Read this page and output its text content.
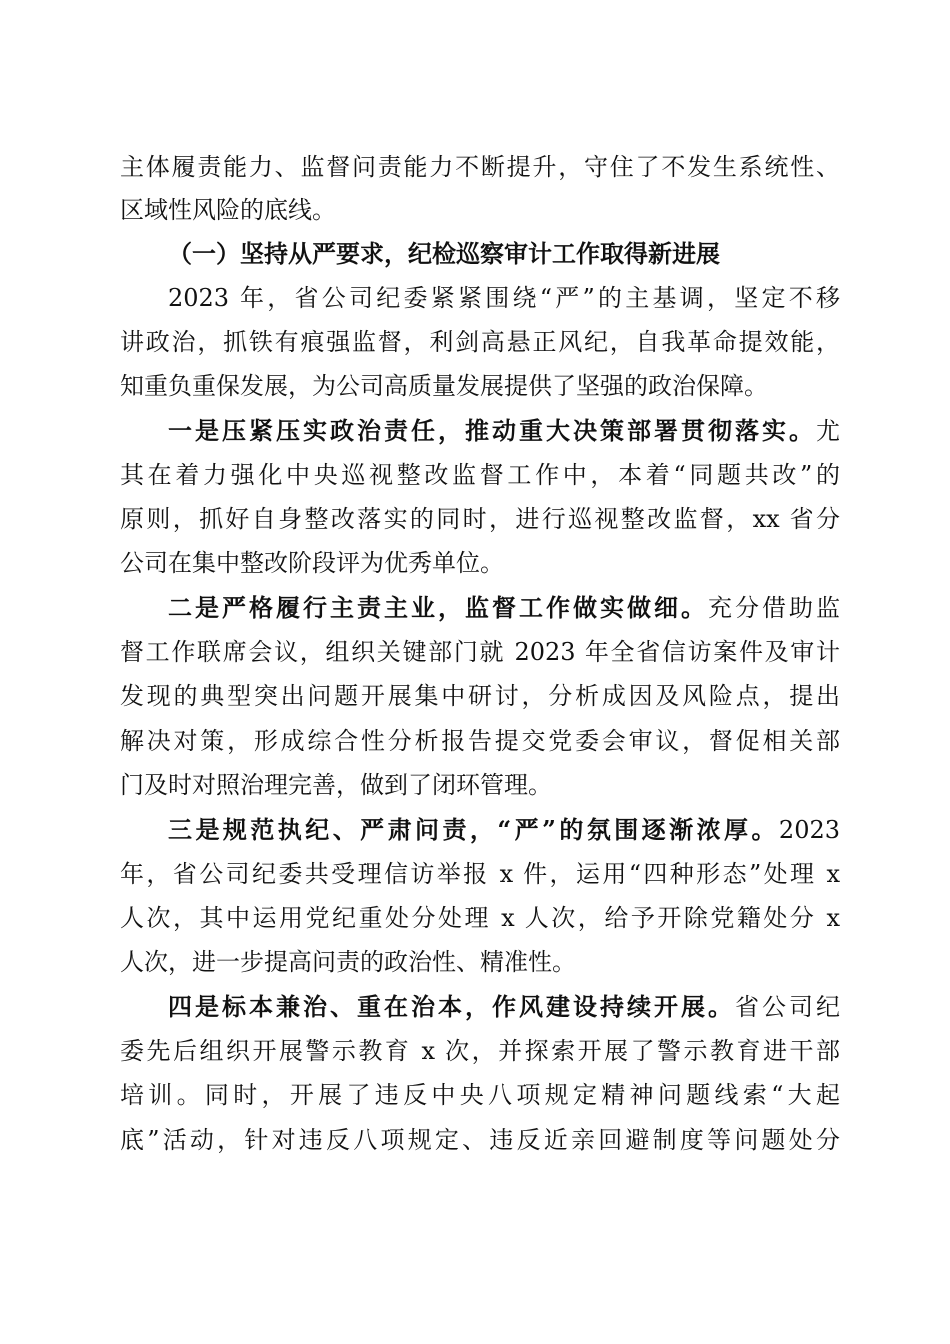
主体履责能力、监督问责能力不断提升，守住了不发生系统性、
区域性风险的底线。
（一）坚持从严要求，纪检巡察审计工作取得新进展
2023 年，省公司纪委紧紧围绕“严”的主基调，坚定不移
讲政治，抓铁有痕强监督，利剑高悬正风纪，自我革命提效能，
知重负重保发展，为公司高质量发展提供了坚强的政治保障。
一是压紧压实政治责任，推动重大决策部署贯彻落实。尤
其在着力强化中央巡视整改监督工作中，本着“同题共改”的
原则，抓好自身整改落实的同时，进行巡视整改监督，xx 省分
公司在集中整改阶段评为优秀单位。
二是严格履行主责主业，监督工作做实做细。充分借助监
督工作联席会议，组织关键部门就 2023 年全省信访案件及审计
发现的典型突出问题开展集中研讨，分析成因及风险点，提出
解决对策，形成综合性分析报告提交党委会审议，督促相关部
门及时对照治理完善，做到了闭环管理。
三是规范执纪、严肃问责，“严”的氛围逐渐浓厚。2023
年，省公司纪委共受理信访举报 x 件，运用“四种形态”处理 x
人次，其中运用党纪重处分处理 x 人次，给予开除党籍处分 x
人次，进一步提高问责的政治性、精准性。
四是标本兼治、重在治本，作风建设持续开展。省公司纪
委先后组织开展警示教育 x 次，并探索开展了警示教育进干部
培训。同时，开展了违反中央八项规定精神问题线索“大起
底”活动，针对违反八项规定、违反近亲回避制度等问题处分
